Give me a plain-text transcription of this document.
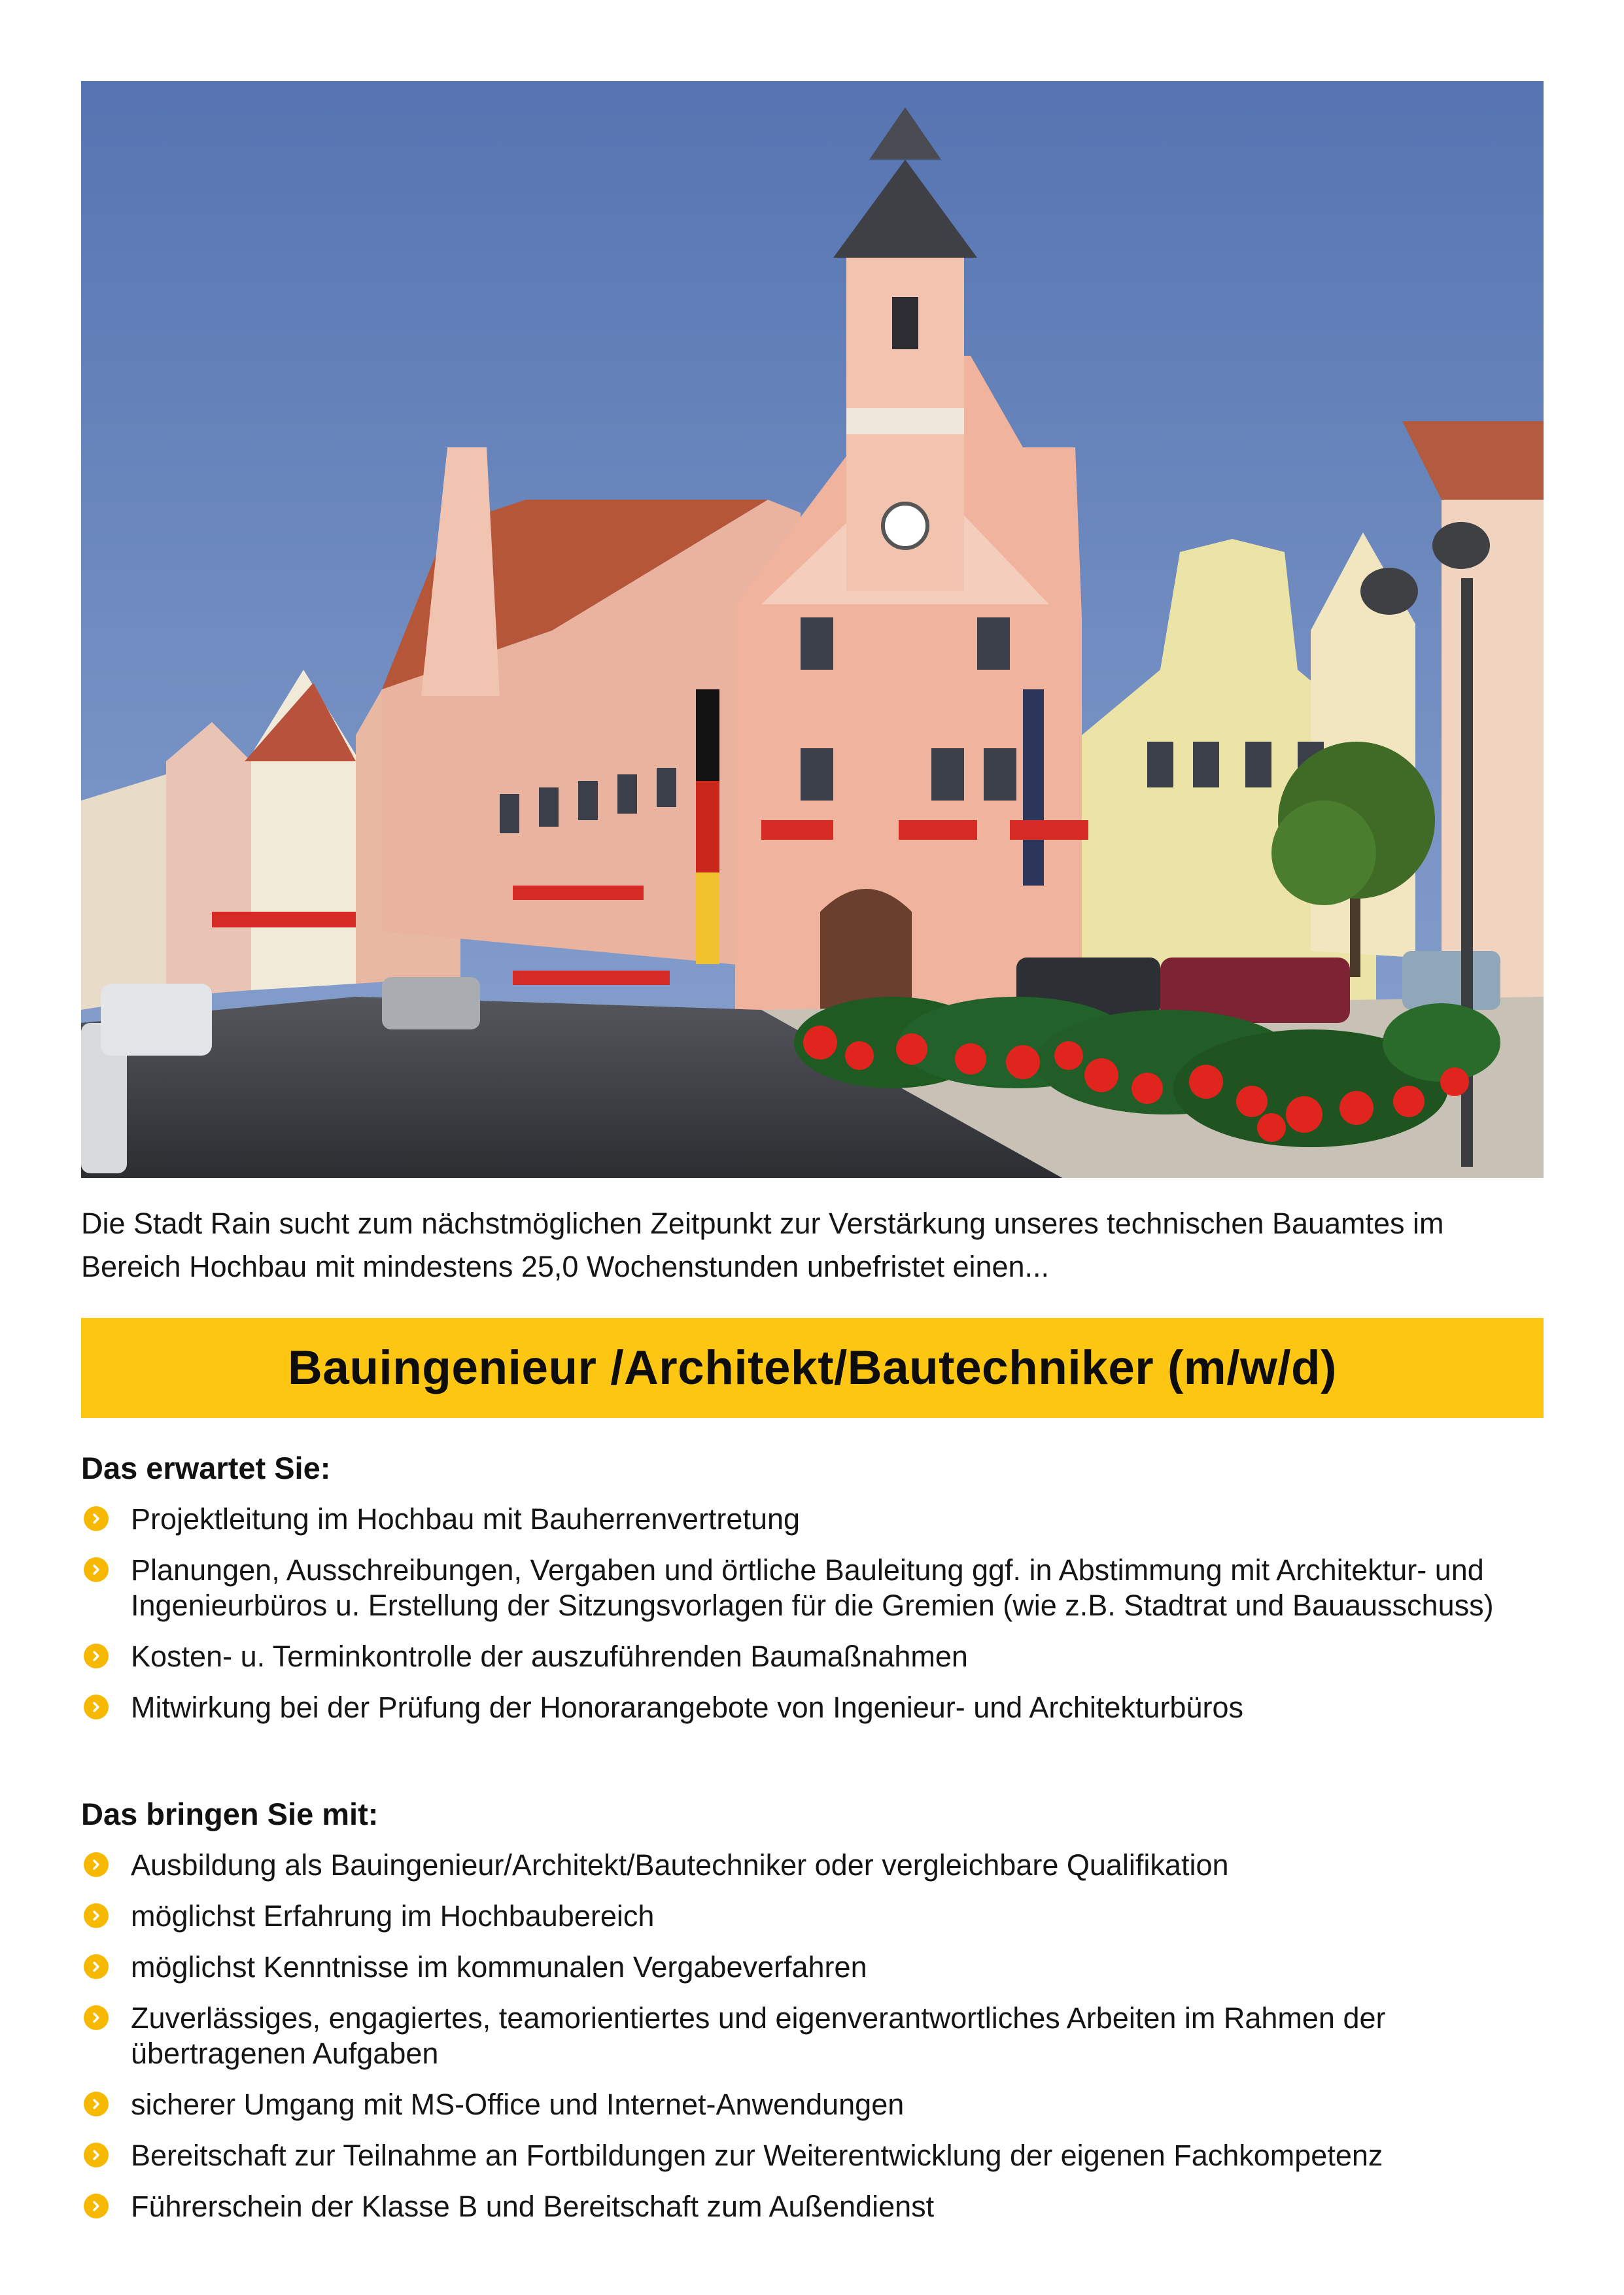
Die Stadt Rain sucht zum nächstmöglichen Zeitpunkt zur Verstärkung unseres technischen Bauamtes im Bereich Hochbau mit mindestens 25,0 Wochenstunden unbefristet einen...
Bauingenieur /Architekt/Bautechniker (m/w/d)
Das erwartet Sie:
Projektleitung im Hochbau mit Bauherrenvertretung
Planungen, Ausschreibungen, Vergaben und örtliche Bauleitung ggf. in Abstimmung mit Architektur- und Ingenieurbüros u. Erstellung der Sitzungsvorlagen für die Gremien (wie z.B. Stadtrat und Bauausschuss)
Kosten- u. Terminkontrolle der auszuführenden Baumaßnahmen
Mitwirkung bei der Prüfung der Honorarangebote von Ingenieur- und Architekturbüros
Das bringen Sie mit:
Ausbildung als Bauingenieur/Architekt/Bautechniker oder vergleichbare Qualifikation
möglichst Erfahrung im Hochbaubereich
möglichst Kenntnisse im kommunalen Vergabeverfahren
Zuverlässiges, engagiertes, teamorientiertes und eigenverantwortliches Arbeiten im Rahmen der übertragenen Aufgaben
sicherer Umgang mit MS-Office und Internet-Anwendungen
Bereitschaft zur Teilnahme an Fortbildungen zur Weiterentwicklung der eigenen Fachkompetenz
Führerschein der Klasse B und Bereitschaft zum Außendienst
